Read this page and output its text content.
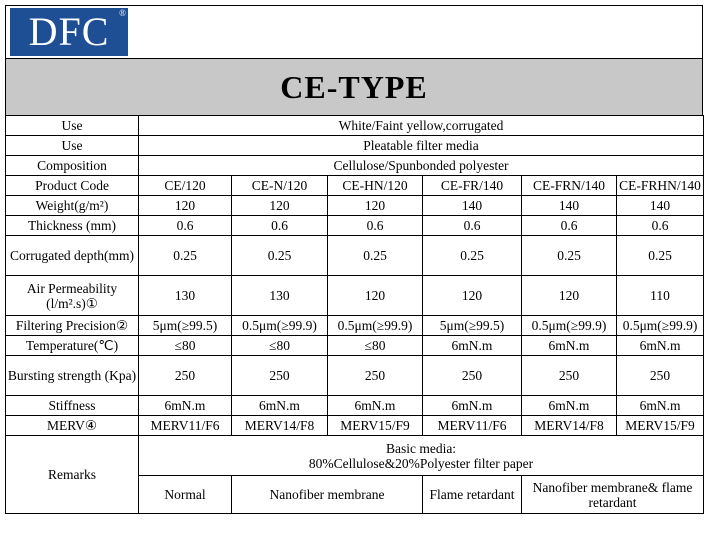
DFC ®
CE-TYPE
Use	White/Faint yellow,corrugated					
Use	Pleatable filter media					
Composition	Cellulose/Spunbonded polyester					
Product Code	CE/120	CE-N/120	CE-HN/120	CE-FR/140	CE-FRN/140	CE-FRHN/140
Weight(g/m²)	120	120	120	140	140	140
Thickness (mm)	0.6	0.6	0.6	0.6	0.6	0.6
Corrugated depth(mm)	0.25	0.25	0.25	0.25	0.25	0.25
Air Permeability (l/m².s)①	130	130	120	120	120	110
Filtering Precision②	5μm(≥99.5)	0.5μm(≥99.9)	0.5μm(≥99.9)	5μm(≥99.5)	0.5μm(≥99.9)	0.5μm(≥99.9)
Temperature(℃)	≤80	≤80	≤80	6mN.m	6mN.m	6mN.m
Bursting strength (Kpa)	250	250	250	250	250	250
Stiffness	6mN.m	6mN.m	6mN.m	6mN.m	6mN.m	6mN.m
MERV④	MERV11/F6	MERV14/F8	MERV15/F9	MERV11/F6	MERV14/F8	MERV15/F9
Remarks	Basic media:
80%Cellulose&20%Polyester filter paper					

	Normal	Nanofiber membrane		Flame retardant	Nanofiber membrane& flame retardant	
